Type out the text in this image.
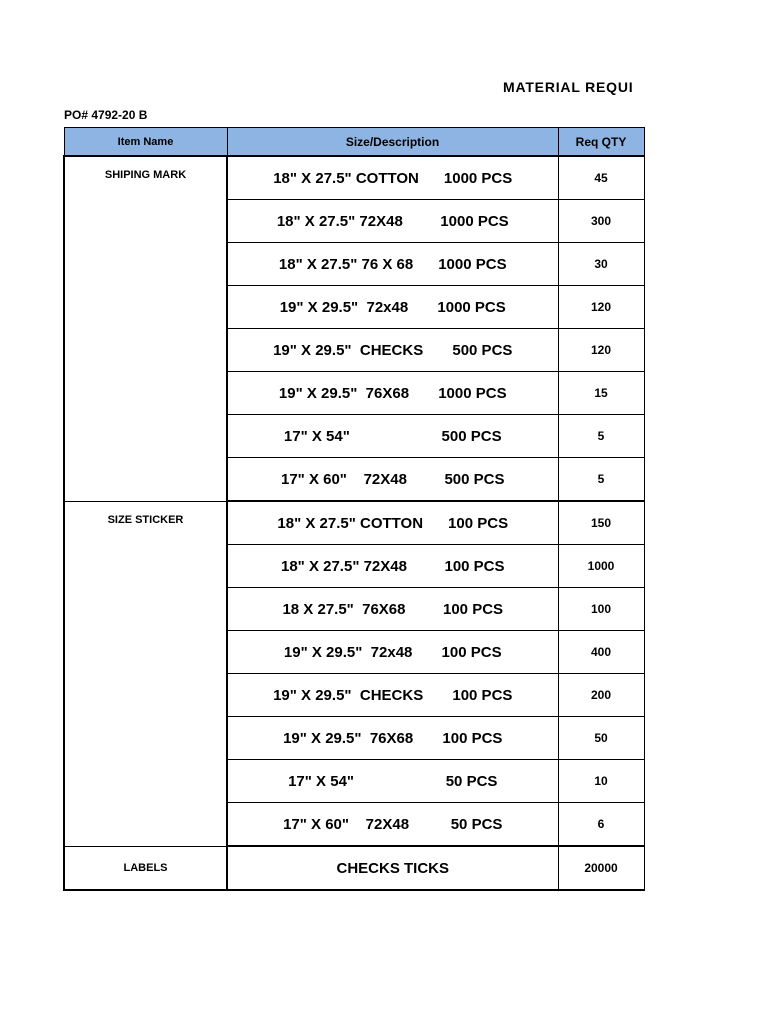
MATERIAL REQUI
PO# 4792-20 B
Item Name	Size/Description	Req QTY
SHIPING MARK	18" X 27.5" COTTON      1000 PCS	45
	18" X 27.5" 72X48         1000 PCS	300
	18" X 27.5" 76 X 68      1000 PCS	30
	19" X 29.5"  72x48       1000 PCS	120
	19" X 29.5"  CHECKS       500 PCS	120
	19" X 29.5"  76X68       1000 PCS	15
	17" X 54"                      500 PCS	5
	17" X 60"    72X48         500 PCS	5
SIZE STICKER	18" X 27.5" COTTON      100 PCS	150
	18" X 27.5" 72X48         100 PCS	1000
	18 X 27.5"  76X68         100 PCS	100
	19" X 29.5"  72x48       100 PCS	400
	19" X 29.5"  CHECKS       100 PCS	200
	19" X 29.5"  76X68       100 PCS	50
	17" X 54"                      50 PCS	10
	17" X 60"    72X48          50 PCS	6
LABELS	CHECKS TICKS	20000
